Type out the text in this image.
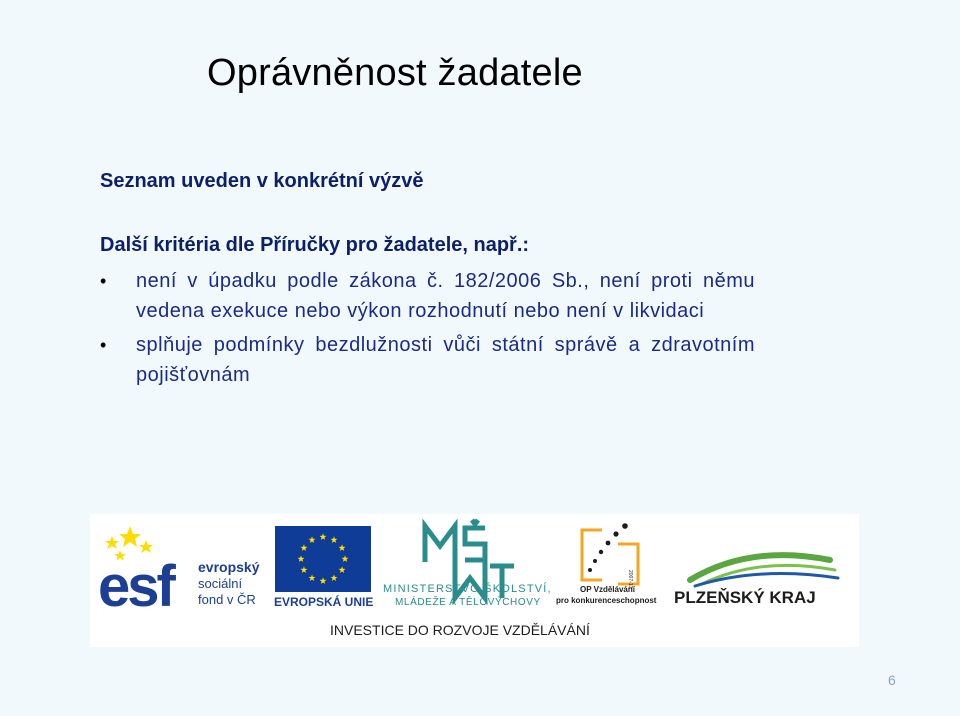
Oprávněnost žadatele
Seznam uveden v konkrétní výzvě
Další kritéria dle Příručky pro žadatele, např.:
• není v úpadku podle zákona č. 182/2006 Sb., není proti němu vedena exekuce nebo výkon rozhodnutí nebo není v likvidaci
• splňuje podmínky bezdlužnosti vůči státní správě a zdravotním pojišťovnám
esf evropský
sociální
fond v ČR EVROPSKÁ UNIE
MINISTERSTVO ŠKOLSTVÍ,
MLÁDEŽE A TĚLOVÝCHOVY
2007-13
OP Vzdělávání
pro konkurenceschopnost PLZEŇSKÝ KRAJ
INVESTICE DO ROZVOJE VZDĚLÁVÁNÍ
6
